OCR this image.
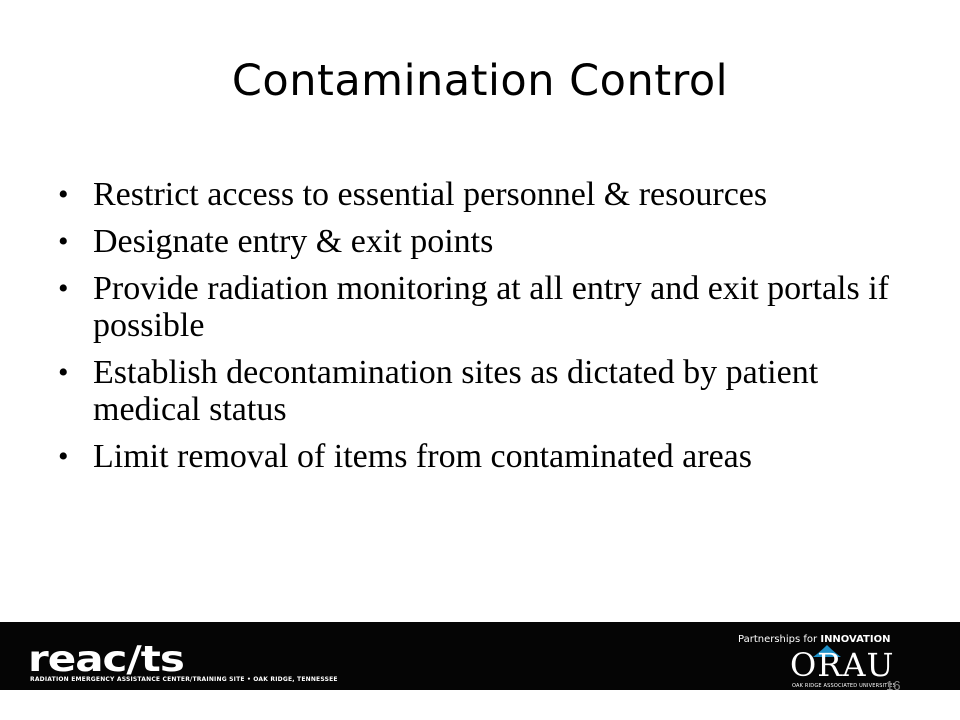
Contamination Control
• Restrict access to essential personnel & resources
• Designate entry & exit points
• Provide radiation monitoring at all entry and exit portals if possible
• Establish decontamination sites as dictated by patient medical status
• Limit removal of items from contaminated areas
reac/ts
RADIATION EMERGENCY ASSISTANCE CENTER/TRAINING SITE • OAK RIDGE, TENNESSEE
Partnerships for INNOVATION
ORAU
OAK RIDGE ASSOCIATED UNIVERSITIES
16
